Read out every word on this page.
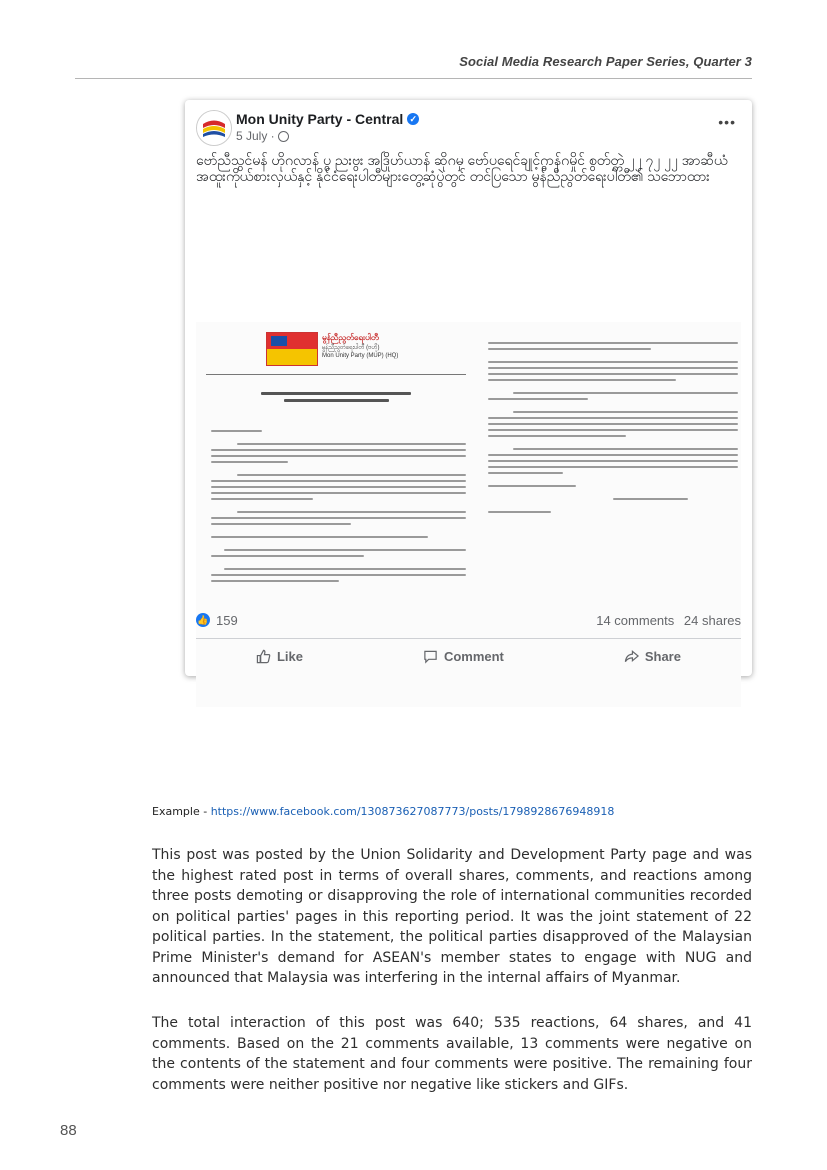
Social Media Research Paper Series, Quarter 3
Mon Unity Party - Central ✓
5 July ·
•••

ဗော်ညီသွင်မန် ဟိုဂလာန် ပွ ညးဗွး အဒြိုဟ်ယာန် ဆိုဂမှ ဗော်ပရေင်ချုင့်ဂွာန်ဂမှိုင် စွတ်တ္တဲ ၂၂ ၇၂ ၂၂ အာဆီယံအထူးကိုယ်စားလှယ်နှင့် နိုင်ငံရေးပါတီများတွေ့ဆုံပွဲတွင် တင်ပြသော မွန်ညီညွတ်ရေးပါတီ၏ သဘောထား

မွန်ညီညွတ်ရေးပါတီ
မွန်ညီညွတ်ရေးပါတီ (ဗဟို)
Mon Unity Party (MUP) (HQ)
👍 159	14 comments 24 shares
Like	Comment	Share
Example - https://www.facebook.com/130873627087773/posts/1798928676948918

This post was posted by the Union Solidarity and Development Party page and was the highest rated post in terms of overall shares, comments, and reactions among three posts demoting or disapproving the role of international communities recorded on political parties' pages in this reporting period. It was the joint statement of 22 political parties. In the statement, the political parties disapproved of the Malaysian Prime Minister's demand for ASEAN's member states to engage with NUG and announced that Malaysia was interfering in the internal affairs of Myanmar.

The total interaction of this post was 640; 535 reactions, 64 shares, and 41 comments. Based on the 21 comments available, 13 comments were negative on the contents of the statement and four comments were positive. The remaining four comments were neither positive nor negative like stickers and GIFs.

88
